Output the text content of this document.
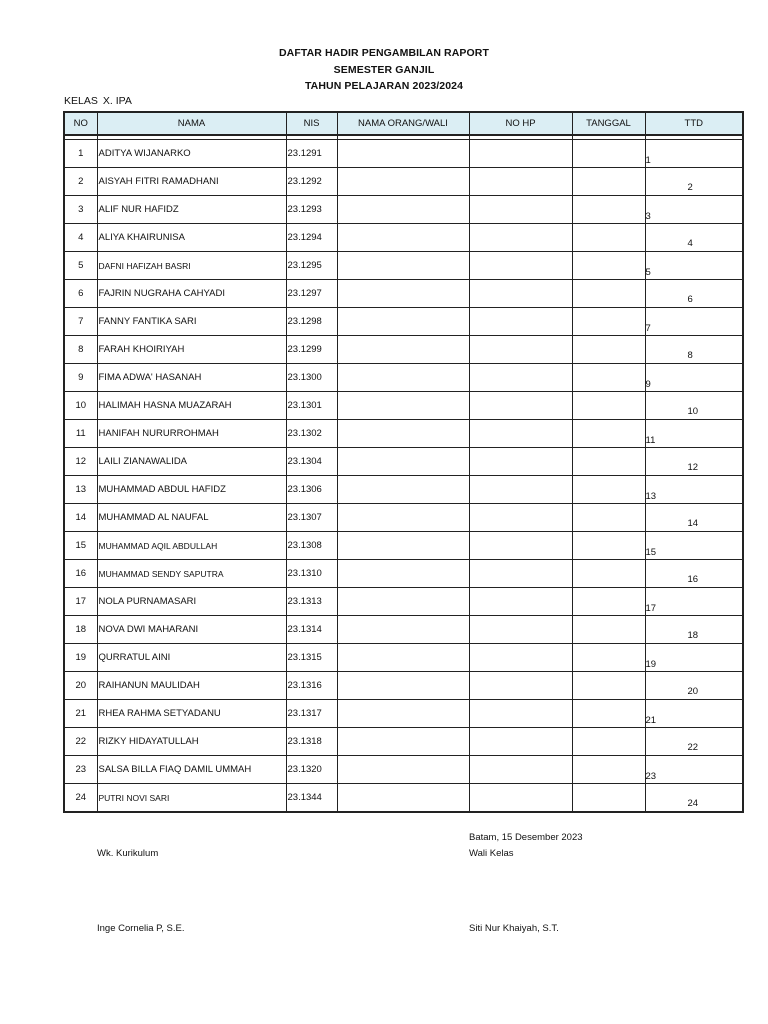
DAFTAR HADIR PENGAMBILAN RAPORT
SEMESTER GANJIL
TAHUN PELAJARAN 2023/2024
KELAS X. IPA
NO	NAMA	NIS	NAMA ORANG/WALI	NO HP	TANGGAL	TTD

1	ADITYA WIJANARKO	23.1291				1

2	AISYAH FITRI RAMADHANI	23.1292				2

3	ALIF NUR HAFIDZ	23.1293				3

4	ALIYA KHAIRUNISA	23.1294				4

5	DAFNI HAFIZAH BASRI	23.1295				5

6	FAJRIN NUGRAHA CAHYADI	23.1297				6

7	FANNY FANTIKA SARI	23.1298				7

8	FARAH KHOIRIYAH	23.1299				8

9	FIMA ADWA' HASANAH	23.1300				9

10	HALIMAH HASNA MUAZARAH	23.1301				10

11	HANIFAH NURURROHMAH	23.1302				11

12	LAILI ZIANAWALIDA	23.1304				12

13	MUHAMMAD ABDUL HAFIDZ	23.1306				13

14	MUHAMMAD AL NAUFAL	23.1307				14

15	MUHAMMAD AQIL ABDULLAH	23.1308				15

16	MUHAMMAD SENDY SAPUTRA	23.1310				16

17	NOLA PURNAMASARI	23.1313				17

18	NOVA DWI MAHARANI	23.1314				18

19	QURRATUL AINI	23.1315				19

20	RAIHANUN MAULIDAH	23.1316				20

21	RHEA RAHMA SETYADANU	23.1317				21

22	RIZKY HIDAYATULLAH	23.1318				22

23	SALSA BILLA FIAQ DAMIL UMMAH	23.1320				23

24	PUTRI NOVI SARI	23.1344				24
Batam, 15 Desember 2023
Wk. Kurikulum	Wali Kelas
Inge Cornelia P, S.E.	Siti Nur Khaiyah, S.T.
